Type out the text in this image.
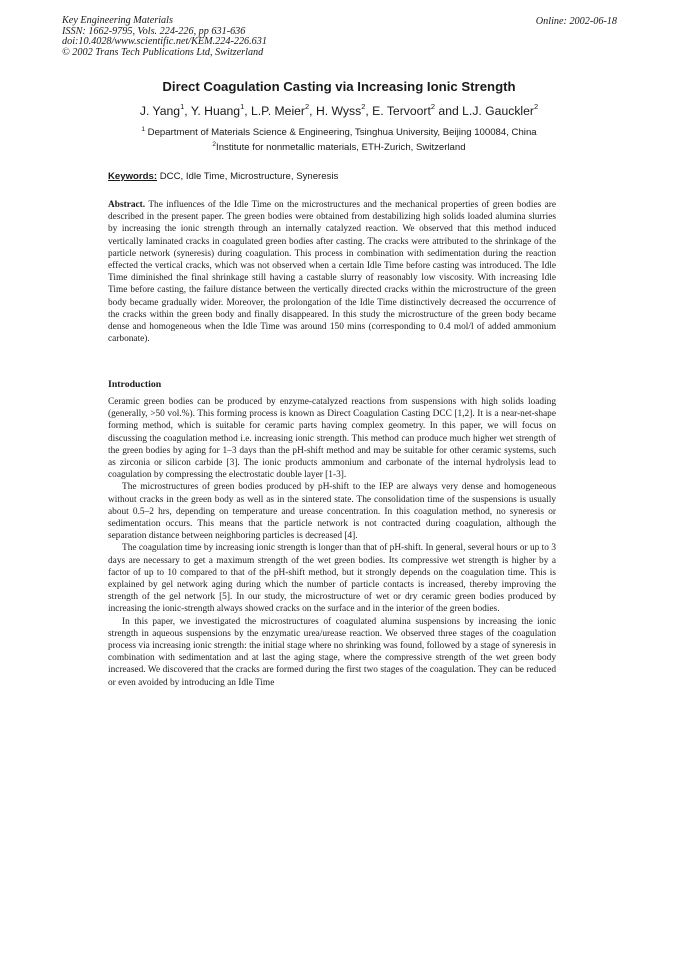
Key Engineering Materials
ISSN: 1662-9795, Vols. 224-226, pp 631-636
doi:10.4028/www.scientific.net/KEM.224-226.631
© 2002 Trans Tech Publications Ltd, Switzerland
Online: 2002-06-18
Direct Coagulation Casting via Increasing Ionic Strength
J. Yang$^1$, Y. Huang$^1$, L.P. Meier$^2$, H. Wyss$^2$, E. Tervoort$^2$ and L.J. Gauckler$^2$
$^1$ Department of Materials Science & Engineering, Tsinghua University, Beijing 100084, China
$^2$Institute for nonmetallic materials, ETH-Zurich, Switzerland
Keywords: DCC, Idle Time, Microstructure, Syneresis

Abstract. The influences of the Idle Time on the microstructures and the mechanical properties of green bodies are described in the present paper. The green bodies were obtained from destabilizing high solids loaded alumina slurries by increasing the ionic strength through an internally catalyzed reaction. We observed that this method induced vertically laminated cracks in coagulated green bodies after casting. The cracks were attributed to the shrinkage of the particle network (syneresis) during coagulation. This process in combination with sedimentation during the reaction effected the vertical cracks, which was not observed when a certain Idle Time before casting was introduced. The Idle Time diminished the final shrinkage still having a castable slurry of reasonably low viscosity. With increasing Idle Time before casting, the failure distance between the vertically directed cracks within the microstructure of the green body became gradually wider. Moreover, the prolongation of the Idle Time distinctively decreased the occurrence of the cracks within the green body and finally disappeared. In this study the microstructure of the green body became dense and homogeneous when the Idle Time was around 150 mins (corresponding to 0.4 mol/l of added ammonium carbonate).

Introduction

Ceramic green bodies can be produced by enzyme-catalyzed reactions from suspensions with high solids loading (generally, >50 vol.%). This forming process is known as Direct Coagulation Casting DCC [1,2]. It is a near-net-shape forming method, which is suitable for ceramic parts having complex geometry. In this paper, we will focus on discussing the coagulation method i.e. increasing ionic strength. This method can produce much higher wet strength of the green bodies by aging for 1–3 days than the pH-shift method and may be suitable for other ceramic systems, such as zirconia or silicon carbide [3]. The ionic products ammonium and carbonate of the internal hydrolysis lead to coagulation by compressing the electrostatic double layer [1-3].

The microstructures of green bodies produced by pH-shift to the IEP are always very dense and homogeneous without cracks in the green body as well as in the sintered state. The consolidation time of the suspensions is usually about 0.5–2 hrs, depending on temperature and urease concentration. In this coagulation method, no syneresis or sedimentation occurs. This means that the particle network is not contracted during coagulation, although the separation distance between neighboring particles is decreased [4].

The coagulation time by increasing ionic strength is longer than that of pH-shift. In general, several hours or up to 3 days are necessary to get a maximum strength of the wet green bodies. Its compressive wet strength is higher by a factor of up to 10 compared to that of the pH-shift method, but it strongly depends on the coagulation time. This is explained by gel network aging during which the number of particle contacts is increased, thereby improving the strength of the gel network [5]. In our study, the microstructure of wet or dry ceramic green bodies produced by increasing the ionic-strength always showed cracks on the surface and in the interior of the green bodies.

In this paper, we investigated the microstructures of coagulated alumina suspensions by increasing the ionic strength in aqueous suspensions by the enzymatic urea/urease reaction. We observed three stages of the coagulation process via increasing ionic strength: the initial stage where no shrinking was found, followed by a stage of syneresis in combination with sedimentation and at last the aging stage, where the compressive strength of the wet green body increased. We discovered that the cracks are formed during the first two stages of the coagulation. They can be reduced or even avoided by introducing an Idle Time
